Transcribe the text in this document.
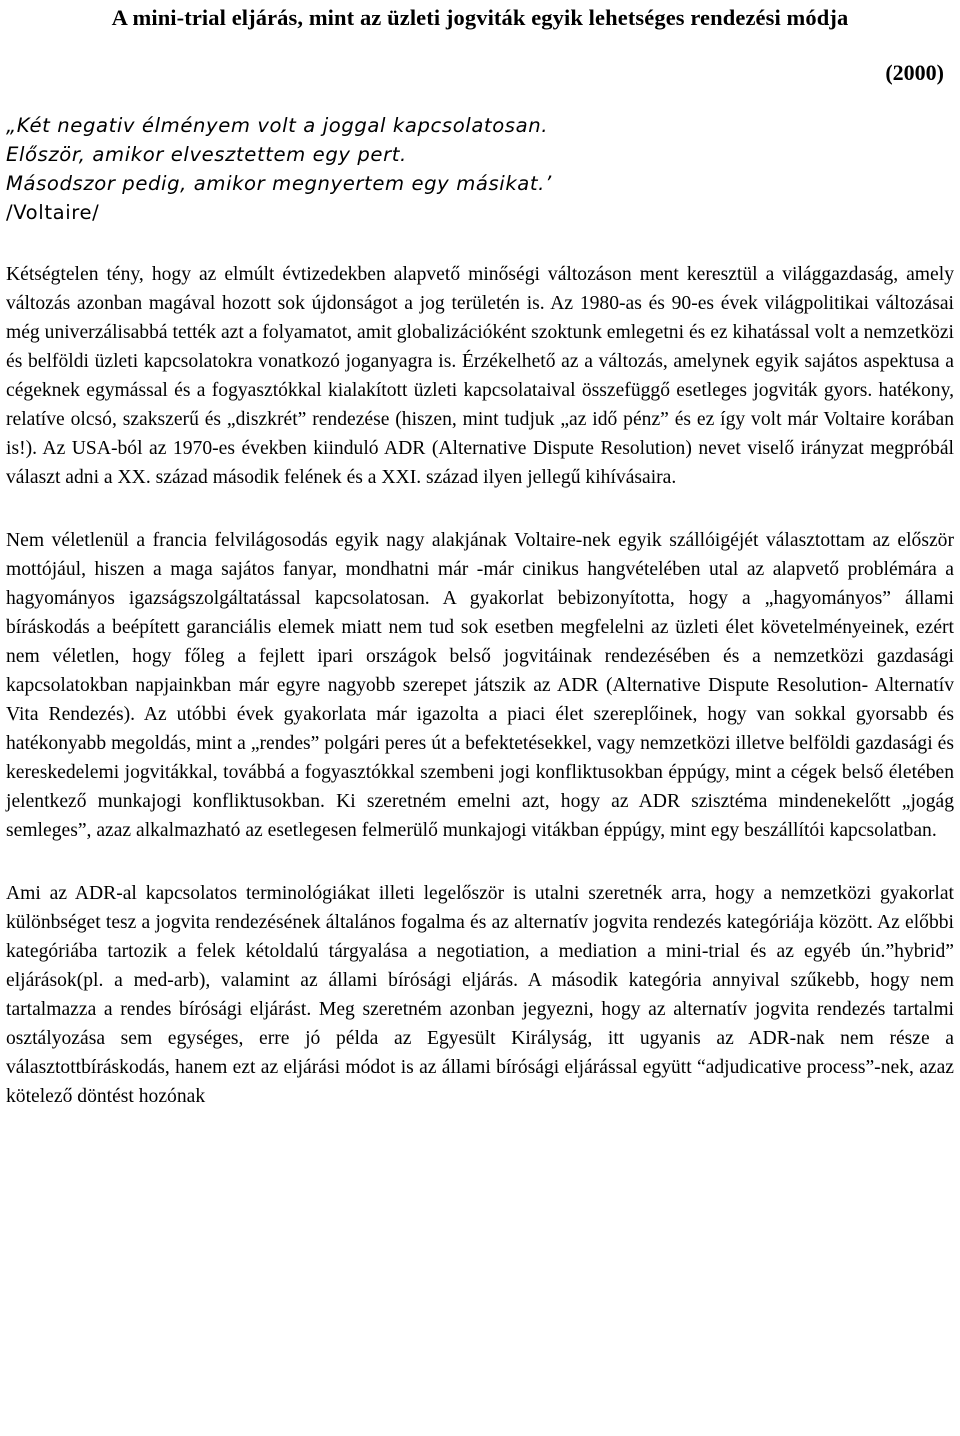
A mini-trial eljárás, mint az üzleti jogviták egyik lehetséges rendezési módja
(2000)
„Két negativ élményem volt a joggal kapcsolatosan.
Először, amikor elvesztettem egy pert.
Másodszor pedig, amikor megnyertem egy másikat.’
/Voltaire/

Kétségtelen tény, hogy az elmúlt évtizedekben alapvető minőségi változáson ment keresztül a világgazdaság, amely változás azonban magával hozott sok újdonságot a jog területén is. Az 1980-as és 90-es évek világpolitikai változásai még univerzálisabbá tették azt a folyamatot, amit globalizációként szoktunk emlegetni és ez kihatással volt a nemzetközi és belföldi üzleti kapcsolatokra vonatkozó joganyagra is. Érzékelhető az a változás, amelynek egyik sajátos aspektusa a cégeknek egymással és a fogyasztókkal kialakított üzleti kapcsolataival összefüggő esetleges jogviták gyors. hatékony, relatíve olcsó, szakszerű és „diszkrét” rendezése (hiszen, mint tudjuk „az idő pénz” és ez így volt már Voltaire korában is!). Az USA-ból az 1970-es években kiinduló ADR (Alternative Dispute Resolution) nevet viselő irányzat megpróbál választ adni a XX. század második felének és a XXI. század ilyen jellegű kihívásaira.

Nem véletlenül a francia felvilágosodás egyik nagy alakjának Voltaire-nek egyik szállóigéjét választottam az először mottójául, hiszen a maga sajátos fanyar, mondhatni már -már cinikus hangvételében utal az alapvető problémára a hagyományos igazságszolgáltatással kapcsolatosan. A gyakorlat bebizonyította, hogy a „hagyományos” állami bíráskodás a beépített garanciális elemek miatt nem tud sok esetben megfelelni az üzleti élet követelményeinek, ezért nem véletlen, hogy főleg a fejlett ipari országok belső jogvitáinak rendezésében és a nemzetközi gazdasági kapcsolatokban napjainkban már egyre nagyobb szerepet játszik az ADR (Alternative Dispute Resolution- Alternatív Vita Rendezés). Az utóbbi évek gyakorlata már igazolta a piaci élet szereplőinek, hogy van sokkal gyorsabb és hatékonyabb megoldás, mint a „rendes” polgári peres út a befektetésekkel, vagy nemzetközi illetve belföldi gazdasági és kereskedelemi jogvitákkal, továbbá a fogyasztókkal szembeni jogi konfliktusokban éppúgy, mint a cégek belső életében jelentkező munkajogi konfliktusokban. Ki szeretném emelni azt, hogy az ADR szisztéma mindenekelőtt „jogág semleges”, azaz alkalmazható az esetlegesen felmerülő munkajogi vitákban éppúgy, mint egy beszállítói kapcsolatban.

Ami az ADR-al kapcsolatos terminológiákat illeti legelőször is utalni szeretnék arra, hogy a nemzetközi gyakorlat különbséget tesz a jogvita rendezésének általános fogalma és az alternatív jogvita rendezés kategóriája között. Az előbbi kategóriába tartozik a felek kétoldalú tárgyalása a negotiation, a mediation a mini-trial és az egyéb ún.”hybrid” eljárások(pl. a med-arb), valamint az állami bírósági eljárás. A második kategória annyival szűkebb, hogy nem tartalmazza a rendes bírósági eljárást. Meg szeretném azonban jegyezni, hogy az alternatív jogvita rendezés tartalmi osztályozása sem egységes, erre jó példa az Egyesült Királyság, itt ugyanis az ADR-nak nem része a választottbíráskodás, hanem ezt az eljárási módot is az állami bírósági eljárással együtt “adjudicative process”-nek, azaz kötelező döntést hozónak
